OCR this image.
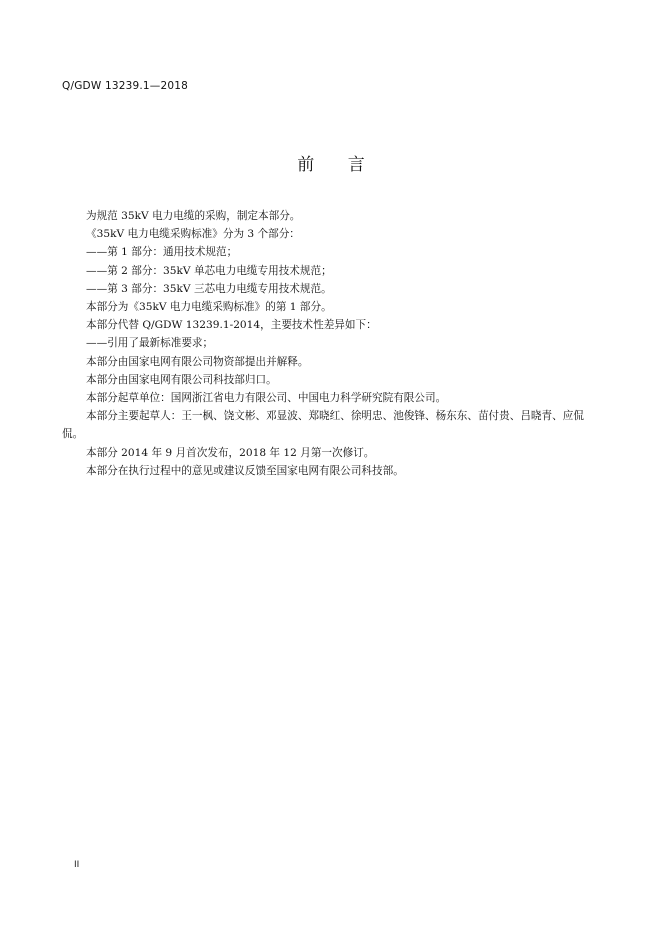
Q/GDW 13239.1—2018
前 言

为规范 35kV 电力电缆的采购，制定本部分。

《35kV 电力电缆采购标准》分为 3 个部分：

——第 1 部分：通用技术规范；

——第 2 部分：35kV 单芯电力电缆专用技术规范；

——第 3 部分：35kV 三芯电力电缆专用技术规范。

本部分为《35kV 电力电缆采购标准》的第 1 部分。

本部分代替 Q/GDW 13239.1-2014，主要技术性差异如下：

——引用了最新标准要求；

本部分由国家电网有限公司物资部提出并解释。

本部分由国家电网有限公司科技部归口。

本部分起草单位：国网浙江省电力有限公司、中国电力科学研究院有限公司。

本部分主要起草人：王一枫、饶文彬、邓显波、郑晓红、徐明忠、池俊锋、杨东东、苗付贵、吕晓青、应侃侃。

本部分 2014 年 9 月首次发布，2018 年 12 月第一次修订。

本部分在执行过程中的意见或建议反馈至国家电网有限公司科技部。

II
